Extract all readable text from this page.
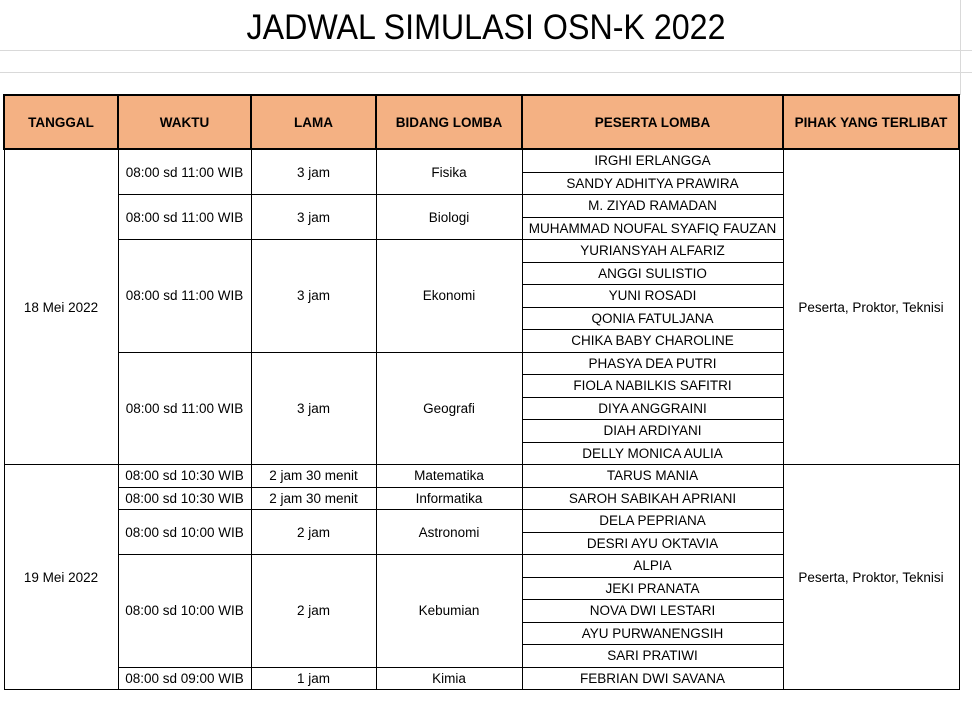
JADWAL SIMULASI OSN-K 2022
TANGGAL	WAKTU	LAMA	BIDANG LOMBA	PESERTA LOMBA	PIHAK YANG TERLIBAT
18 Mei 2022	08:00 sd 11:00 WIB	3 jam	Fisika	IRGHI ERLANGGA	Peserta, Proktor, Teknisi
				SANDY ADHITYA PRAWIRA	
	08:00 sd 11:00 WIB	3 jam	Biologi	M. ZIYAD RAMADAN	
				MUHAMMAD NOUFAL SYAFIQ FAUZAN	
	08:00 sd 11:00 WIB	3 jam	Ekonomi	YURIANSYAH ALFARIZ	
				ANGGI SULISTIO	
				YUNI ROSADI	
				QONIA FATULJANA	
				CHIKA BABY CHAROLINE	
	08:00 sd 11:00 WIB	3 jam	Geografi	PHASYA DEA PUTRI	
				FIOLA NABILKIS SAFITRI	
				DIYA ANGGRAINI	
				DIAH ARDIYANI	
				DELLY MONICA AULIA	
19 Mei 2022	08:00 sd 10:30 WIB	2 jam 30 menit	Matematika	TARUS MANIA	Peserta, Proktor, Teknisi
	08:00 sd 10:30 WIB	2 jam 30 menit	Informatika	SAROH SABIKAH APRIANI	
	08:00 sd 10:00 WIB	2 jam	Astronomi	DELA PEPRIANA	
				DESRI AYU OKTAVIA	
	08:00 sd 10:00 WIB	2 jam	Kebumian	ALPIA	
				JEKI PRANATA	
				NOVA DWI LESTARI	
				AYU PURWANENGSIH	
				SARI PRATIWI	
	08:00 sd 09:00 WIB	1 jam	Kimia	FEBRIAN DWI SAVANA	
